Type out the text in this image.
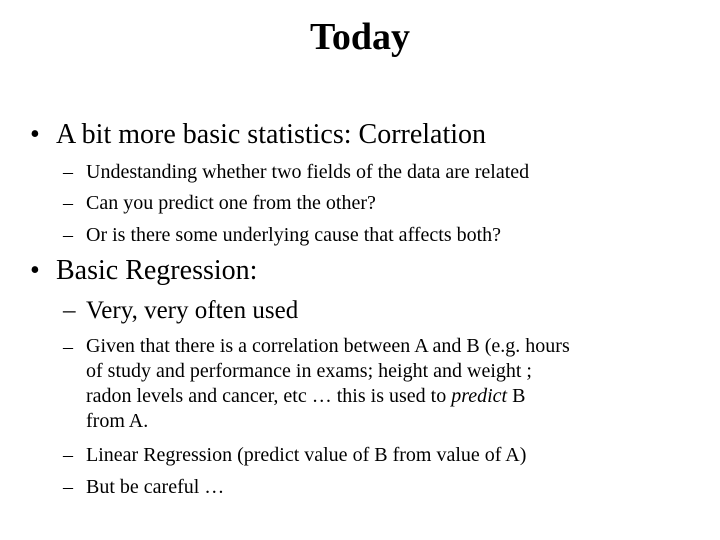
Today
• A bit more basic statistics: Correlation
– Undestanding whether two fields of the data are related
– Can you predict one from the other?
– Or is there some underlying cause that affects both?
• Basic Regression:
– Very, very often used
– Given that there is a correlation between A and B (e.g. hours
of study and performance in exams; height and weight ;
radon levels and cancer, etc … this is used to predict B
from A.
– Linear Regression (predict value of B from value of A)
– But be careful …
